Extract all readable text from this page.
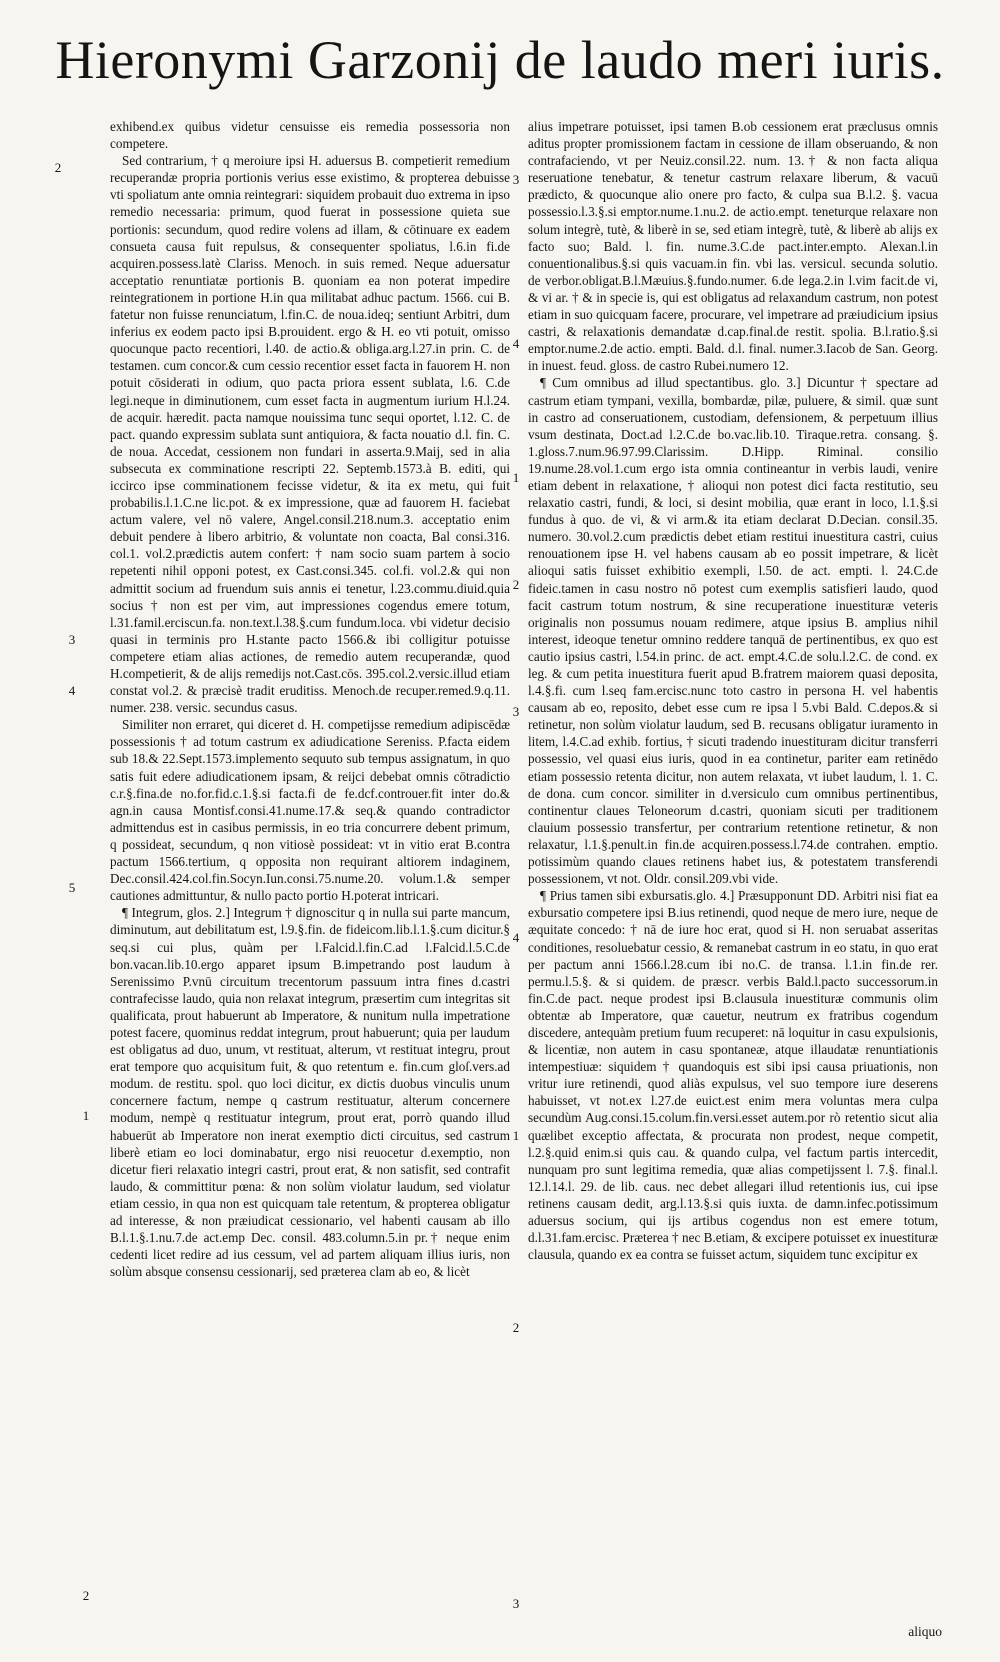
Hieronymi Garzonij de laudo meri iuris.

exhibend.ex quibus videtur censuisse eis remedia possessoria non competere.

Sed contrarium, † q meroiure ipsi H. aduersus B. competierit remedium recuperandæ propria portionis verius esse existimo, & propterea debuisse vti spoliatum ante omnia reintegrari: siquidem probauit duo extrema in ipso remedio necessaria: primum, quod fuerat in possessione quieta sue portionis: secundum, quod redire volens ad illam, & cōtinuare ex eadem consueta causa fuit repulsus, & consequenter spoliatus, l.6.in fi.de acquiren.possess.latè Clariss. Menoch. in suis remed. Neque aduersatur acceptatio renuntiatæ portionis B. quoniam ea non poterat impedire reintegrationem in portione H.in qua militabat adhuc pactum. 1566. cui B. fatetur non fuisse renunciatum, l.fin.C. de noua.ideq; sentiunt Arbitri, dum inferius ex eodem pacto ipsi B.prouident. ergo & H. eo vti potuit, omisso quocunque pacto recentiori, l.40. de actio.& obliga.arg.l.27.in prin. C. de testamen. cum concor.& cum cessio recentior esset facta in fauorem H. non potuit cōsiderati in odium, quo pacta priora essent sublata, l.6. C.de legi.neque in diminutionem, cum esset facta in augmentum iurium H.l.24. de acquir. hæredit. pacta namque nouissima tunc sequi oportet, l.12. C. de pact. quando expressim sublata sunt antiquiora, & facta nouatio d.l. fin. C. de noua. Accedat, cessionem non fundari in asserta.9.Maij, sed in alia subsecuta ex comminatione rescripti 22. Septemb.1573.à B. editi, qui iccirco ipse comminationem fecisse videtur, & ita ex metu, qui fuit probabilis.l.1.C.ne lic.pot. & ex impressione, quæ ad fauorem H. faciebat actum valere, vel nō valere, Angel.consil.218.num.3. acceptatio enim debuit pendere à libero arbitrio, & voluntate non coacta, Bal consi.316. col.1. vol.2.prædictis autem confert: † nam socio suam partem à socio repetenti nihil opponi potest, ex Cast.consi.345. col.fi. vol.2.& qui non admittit socium ad fruendum suis annis ei tenetur, l.23.commu.diuid.quia socius † non est per vim, aut impressiones cogendus emere totum, l.31.famil.erciscun.fa. non.text.l.38.§.cum fundum.loca. vbi videtur decisio quasi in terminis pro H.stante pacto 1566.& ibi colligitur potuisse competere etiam alias actiones, de remedio autem recuperandæ, quod H.competierit, & de alijs remedijs not.Cast.cōs. 395.col.2.versic.illud etiam constat vol.2. & præcisè tradit eruditiss. Menoch.de recuper.remed.9.q.11. numer. 238. versic. secundus casus.

Similiter non erraret, qui diceret d. H. competijsse remedium adipiscēdæ possessionis † ad totum castrum ex adiudicatione Sereniss. P.facta eidem sub 18.& 22.Sept.1573.implemento sequuto sub tempus assignatum, in quo satis fuit edere adiudicationem ipsam, & reijci debebat omnis cōtradictio c.r.§.fina.de no.for.fid.c.1.§.si facta.fi de fe.dcf.controuer.fit inter do.& agn.in causa Montisf.consi.41.nume.17.& seq.& quando contradictor admittendus est in casibus permissis, in eo tria concurrere debent primum, q possideat, secundum, q non vitiosè possideat: vt in vitio erat B.contra pactum 1566.tertium, q opposita non requirant altiorem indaginem, Dec.consil.424.col.fin.Socyn.Iun.consi.75.nume.20. volum.1.& semper cautiones admittuntur, & nullo pacto portio H.poterat intricari.

¶ Integrum, glos. 2.] Integrum † dignoscitur q in nulla sui parte mancum, diminutum, aut debilitatum est, l.9.§.fin. de fideicom.lib.l.1.§.cum dicitur.§ seq.si cui plus, quàm per l.Falcid.l.fin.C.ad l.Falcid.l.5.C.de bon.vacan.lib.10.ergo apparet ipsum B.impetrando post laudum à Serenissimo P.vnū circuitum trecentorum passuum intra fines d.castri contrafecisse laudo, quia non relaxat integrum, præsertim cum integritas sit qualificata, prout habuerunt ab Imperatore, & nunitum nulla impetratione potest facere, quominus reddat integrum, prout habuerunt; quia per laudum est obligatus ad duo, unum, vt restituat, alterum, vt restituat integru, prout erat tempore quo acquisitum fuit, & quo retentum e. fin.cum gloſ.vers.ad modum. de restitu. spol. quo loci dicitur, ex dictis duobus vinculis unum concernere factum, nempe q castrum restituatur, alterum concernere modum, nempè q restituatur integrum, prout erat, porrò quando illud habuerūt ab Imperatore non inerat exemptio dicti circuitus, sed castrum liberè etiam eo loci dominabatur, ergo nisi reuocetur d.exemptio, non dicetur fieri relaxatio integri castri, prout erat, & non satisfit, sed contrafit laudo, & committitur pœna: & non solùm violatur laudum, sed violatur etiam cessio, in qua non est quicquam tale retentum, & propterea obligatur ad interesse, & non præiudicat cessionario, vel habenti causam ab illo B.l.1.§.1.nu.7.de act.emp Dec. consil. 483.column.5.in pr.† neque enim cedenti licet redire ad ius cessum, vel ad partem aliquam illius iuris, non solùm absque consensu cessionarij, sed præterea clam ab eo, & licèt

alius impetrare potuisset, ipsi tamen B.ob cessionem erat præclusus omnis aditus propter promissionem factam in cessione de illam obseruando, & non contrafaciendo, vt per Neuiz.consil.22. num. 13.† & non facta aliqua reseruatione tenebatur, & tenetur castrum relaxare liberum, & vacuū prædicto, & quocunque alio onere pro facto, & culpa sua B.l.2. §. vacua possessio.l.3.§.si emptor.nume.1.nu.2. de actio.empt. teneturque relaxare non solum integrè, tutè, & liberè in se, sed etiam integrè, tutè, & liberè ab alijs ex facto suo; Bald. l. fin. nume.3.C.de pact.inter.empto. Alexan.l.in conuentionalibus.§.si quis vacuam.in fin. vbi las. versicul. secunda solutio. de verbor.obligat.B.l.Mæuius.§.fundo.numer. 6.de lega.2.in l.vim facit.de vi, & vi ar. † & in specie is, qui est obligatus ad relaxandum castrum, non potest etiam in suo quicquam facere, procurare, vel impetrare ad præiudicium ipsius castri, & relaxationis demandatæ d.cap.final.de restit. spolia. B.l.ratio.§.si emptor.nume.2.de actio. empti. Bald. d.l. final. numer.3.Iacob de San. Georg. in inuest. feud. gloss. de castro Rubei.numero 12.

¶ Cum omnibus ad illud spectantibus. glo. 3.] Dicuntur † spectare ad castrum etiam tympani, vexilla, bombardæ, pilæ, puluere, & simil. quæ sunt in castro ad conseruationem, custodiam, defensionem, & perpetuum illius vsum destinata, Doct.ad l.2.C.de bo.vac.lib.10. Tiraque.retra. consang. §. 1.gloss.7.num.96.97.99.Clarissim. D.Hipp. Riminal. consilio 19.nume.28.vol.1.cum ergo ista omnia contineantur in verbis laudi, venire etiam debent in relaxatione, † alioqui non potest dici facta restitutio, seu relaxatio castri, fundi, & loci, si desint mobilia, quæ erant in loco, l.1.§.si fundus à quo. de vi, & vi arm.& ita etiam declarat D.Decian. consil.35. numero. 30.vol.2.cum prædictis debet etiam restitui inuestitura castri, cuius renouationem ipse H. vel habens causam ab eo possit impetrare, & licèt alioqui satis fuisset exhibitio exempli, l.50. de act. empti. l. 24.C.de fideic.tamen in casu nostro nō potest cum exemplis satisfieri laudo, quod facit castrum totum nostrum, & sine recuperatione inuestituræ veteris originalis non possumus nouam redimere, atque ipsius B. amplius nihil interest, ideoque tenetur omnino reddere tanquā de pertinentibus, ex quo est cautio ipsius castri, l.54.in princ. de act. empt.4.C.de solu.l.2.C. de cond. ex leg. & cum petita inuestitura fuerit apud B.fratrem maiorem quasi deposita, l.4.§.fi. cum l.seq fam.ercisc.nunc toto castro in persona H. vel habentis causam ab eo, reposito, debet esse cum re ipsa l 5.vbi Bald. C.depos.& si retinetur, non solùm violatur laudum, sed B. recusans obligatur iuramento in litem, l.4.C.ad exhib. fortius, † sicuti tradendo inuestituram dicitur transferri possessio, vel quasi eius iuris, quod in ea continetur, pariter eam retinēdo etiam possessio retenta dicitur, non autem relaxata, vt iubet laudum, l. 1. C. de dona. cum concor. similiter in d.versiculo cum omnibus pertinentibus, continentur claues Teloneorum d.castri, quoniam sicuti per traditionem clauium possessio transfertur, per contrarium retentione retinetur, & non relaxatur, l.1.§.penult.in fin.de acquiren.possess.l.74.de contrahen. emptio. potissimùm quando claues retinens habet ius, & potestatem transferendi possessionem, vt not. Oldr. consil.209.vbi vide.

¶ Prius tamen sibi exbursatis.glo. 4.] Præsupponunt DD. Arbitri nisi fiat ea exbursatio competere ipsi B.ius retinendi, quod neque de mero iure, neque de æquitate concedo: † nā de iure hoc erat, quod si H. non seruabat asseritas conditiones, resoluebatur cessio, & remanebat castrum in eo statu, in quo erat per pactum anni 1566.l.28.cum ibi no.C. de transa. l.1.in fin.de rer. permu.l.5.§. & si quidem. de præscr. verbis Bald.l.pacto successorum.in fin.C.de pact. neque prodest ipsi B.clausula inuestituræ communis olim obtentæ ab Imperatore, quæ cauetur, neutrum ex fratribus cogendum discedere, antequàm pretium fuum recuperet: nā loquitur in casu expulsionis, & licentiæ, non autem in casu spontaneæ, atque illaudatæ renuntiationis intempestiuæ: siquidem † quandoquis est sibi ipsi causa priuationis, non vritur iure retinendi, quod aliàs expulsus, vel suo tempore iure deserens habuisset, vt not.ex l.27.de euict.est enim mera voluntas mera culpa secundùm Aug.consi.15.colum.fin.versi.esset autem.por rò retentio sicut alia quælibet exceptio affectata, & procurata non prodest, neque competit, l.2.§.quid enim.si quis cau. & quando culpa, vel factum partis intercedit, nunquam pro sunt legitima remedia, quæ alias competijssent l. 7.§. final.l. 12.l.14.l. 29. de lib. caus. nec debet allegari illud retentionis ius, cui ipse retinens causam dedit, arg.l.13.§.si quis iuxta. de damn.infec.potissimum aduersus socium, qui ijs artibus cogendus non est emere totum, d.l.31.fam.ercisc. Præterea † nec B.etiam, & excipere potuisset ex inuestituræ clausula, quando ex ea contra se fuisset actum, siquidem tunc excipitur ex

2
3
4
5
1
2
3
4
1
2
3
4
1
2
3
aliquo
